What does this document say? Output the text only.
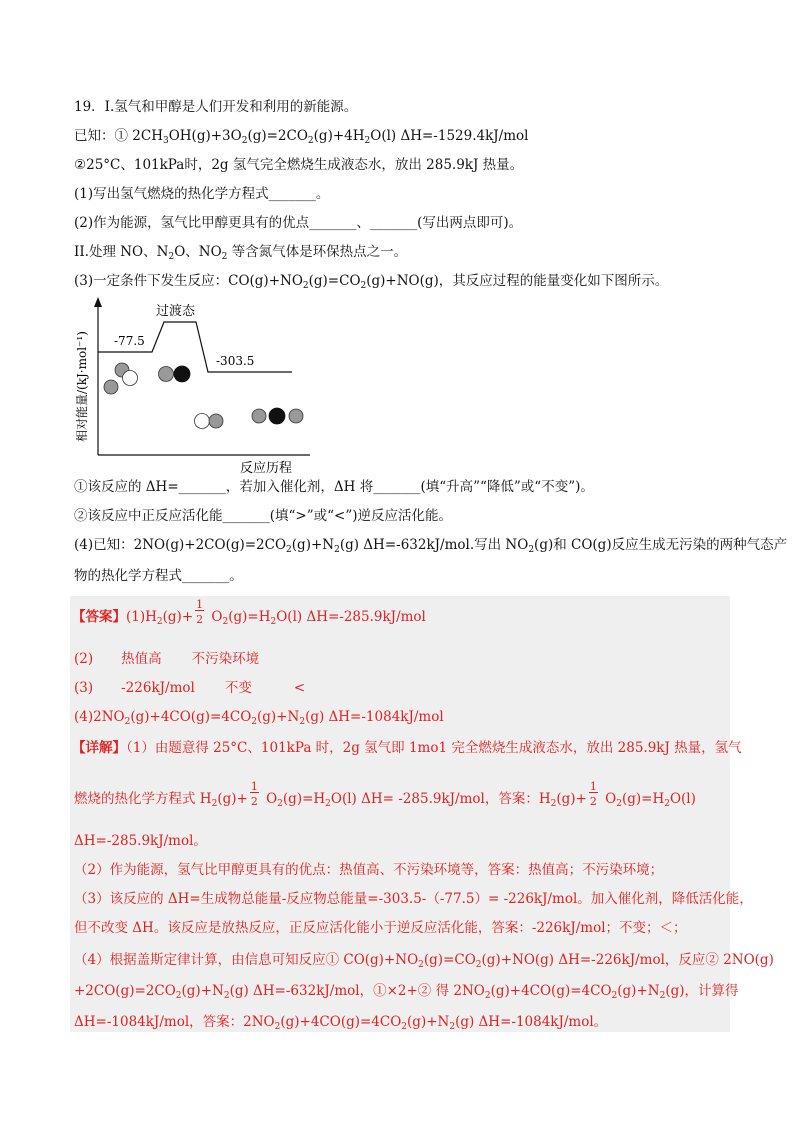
19．Ⅰ.氢气和甲醇是人们开发和利用的新能源。
已知：① $2CH_3OH(g)+3O_2(g)=2CO_2(g)+4H_2O(l)$ ΔH=-1529.4kJ/mol
②25°C、101kPa时，2g 氢气完全燃烧生成液态水，放出 285.9kJ 热量。
(1)写出氢气燃烧的热化学方程式_______。
(2)作为能源，氢气比甲醇更具有的优点_______、_______(写出两点即可)。
II.处理 NO、$N_2O$、$NO_2$ 等含氮气体是环保热点之一。
(3)一定条件下发生反应：$CO(g)+NO_2(g)=CO_2(g)+NO(g)$，其反应过程的能量变化如下图所示。
-77.5
过渡态
-303.5
相对能量/(kJ·mol⁻¹)
反应历程
①该反应的 ΔH=_______，若加入催化剂，ΔH 将_______(填“升高”“降低”或“不变”)。
②该反应中正反应活化能_______(填“>”或“<”)逆反应活化能。
(4)已知：$2NO(g)+2CO(g)=2CO_2(g)+N_2(g)$ ΔH=-632kJ/mol.写出 $NO_2(g)$和 CO(g)反应生成无污染的两种气态产
物的热化学方程式_______。
【答案】$(1)H_2(g)+ \frac{1}{2} O_2(g)=H_2O(l)$ ΔH=-285.9kJ/mol
(2) 热值高 不污染环境
(3) -226kJ/mol 不变	<
$(4)2NO_2(g)+4CO(g)=4CO_2(g)+N_2(g)$ ΔH=-1084kJ/mol
【详解】（1）由题意得 25°C、101kPa 时，2g 氢气即 1mo1 完全燃烧生成液态水，放出 285.9kJ 热量，氢气
燃烧的热化学方程式 $H_2(g)+ \frac{1}{2} O_2(g)=H_2O(l)$ ΔH= -285.9kJ/mol，答案：$H_2(g)+ \frac{1}{2} O_2(g)=H_2O(l)$
ΔH=-285.9kJ/mol。
（2）作为能源，氢气比甲醇更具有的优点：热值高、不污染环境等，答案：热值高；不污染环境；
（3）该反应的 ΔH=生成物总能量-反应物总能量=-303.5-（-77.5）= -226kJ/mol。加入催化剂，降低活化能，
但不改变 ΔH。该反应是放热反应，正反应活化能小于逆反应活化能，答案：-226kJ/mol；不变；＜；
（4）根据盖斯定律计算，由信息可知反应① $CO(g)+NO_2(g)=CO_2(g)+NO(g)$ ΔH=-226kJ/mol，反应② 2NO(g)
$+2CO(g)=2CO_2(g)+N_2(g)$ ΔH=-632kJ/mol，①×2+② 得 $2NO_2(g)+4CO(g)=4CO_2(g)+N_2(g)$，计算得
ΔH=-1084kJ/mol，答案：$2NO_2(g)+4CO(g)=4CO_2(g)+N_2(g)$ ΔH=-1084kJ/mol。
